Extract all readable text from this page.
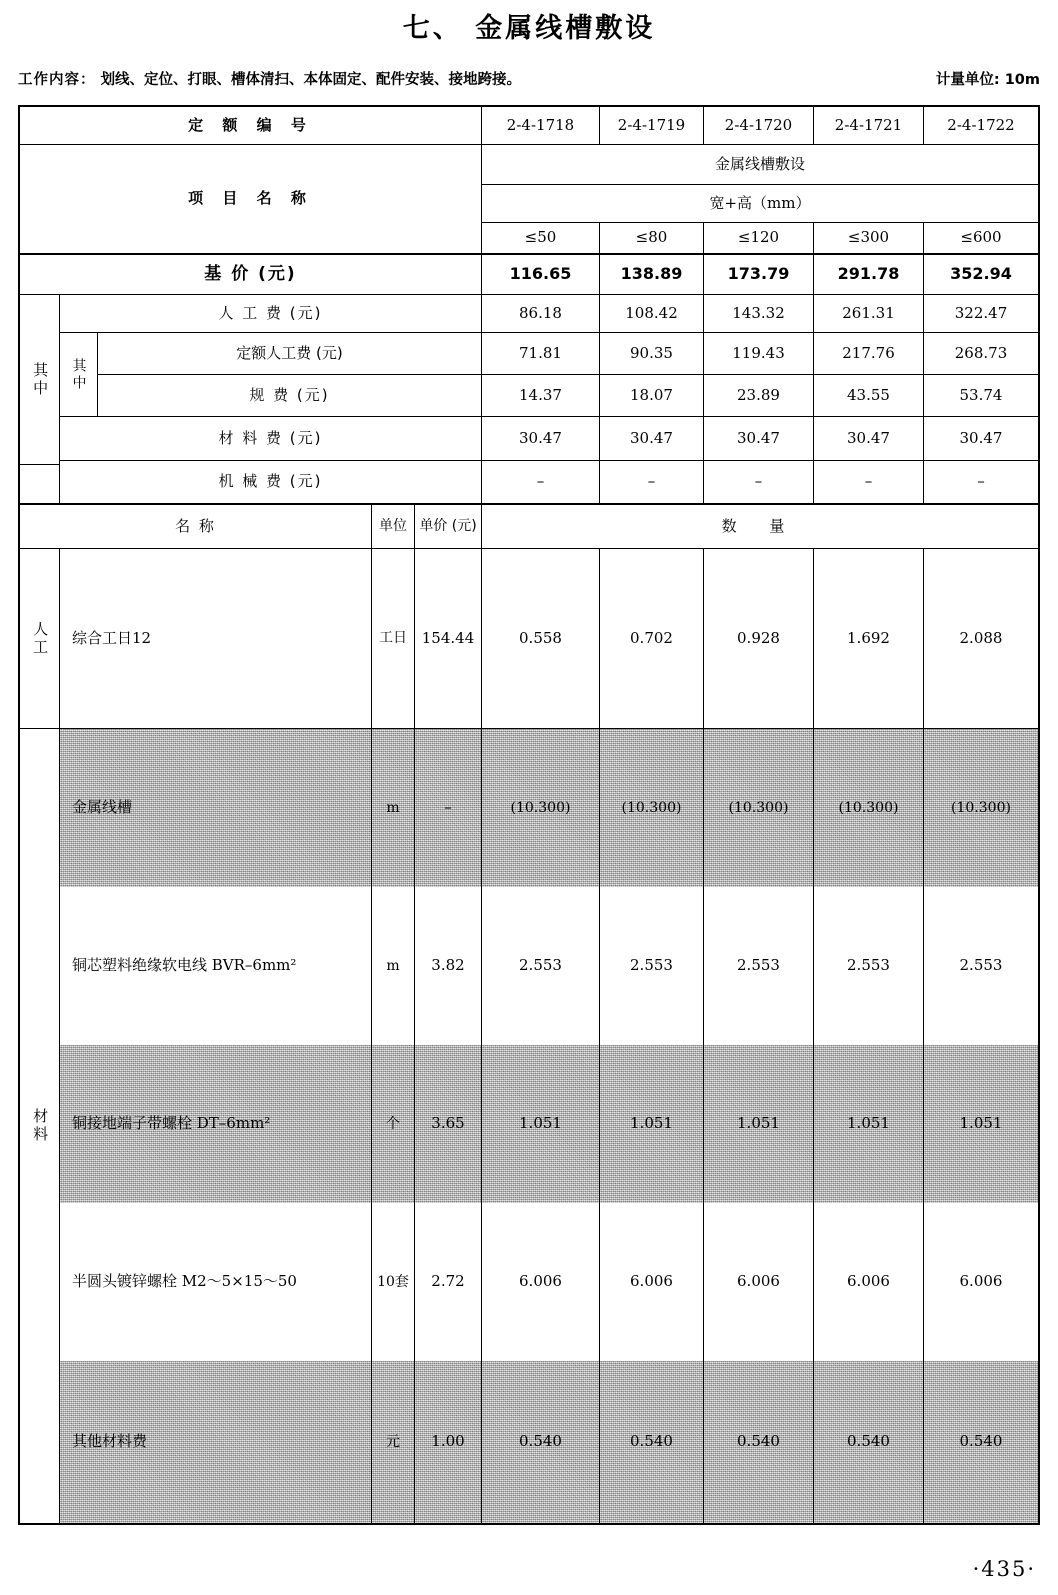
七、 金属线槽敷设
工作内容： 划线、定位、打眼、槽体清扫、本体固定、配件安装、接地跨接。	计量单位: 10m
定 额 编 号	2-4-1718	2-4-1719	2-4-1720	2-4-1721	2-4-1722
项 目 名 称
金属线槽敷设
宽+高（mm）
≤50	≤80	≤120	≤300	≤600
基 价 (元)	116.65	138.89	173.79	291.78	352.94
其中	其中
人 工 费 (元)	86.18	108.42	143.32	261.31	322.47
定额人工费 (元)	71.81	90.35	119.43	217.76	268.73
规 费 (元)	14.37	18.07	23.89	43.55	53.74
材 料 费 (元)	30.47	30.47	30.47	30.47	30.47
机 械 费 (元)	–	–	–	–	–
名 称	单位 单价 (元)	数 量
人工	综合工日12	工日 154.44	0.558	0.702	0.928	1.692	2.088
材料
金属线槽	m	–	(10.300)	(10.300)	(10.300)	(10.300)	(10.300)
铜芯塑料绝缘软电线 BVR–6mm²	m	3.82	2.553	2.553	2.553	2.553	2.553
铜接地端子带螺栓 DT–6mm²	个	3.65	1.051	1.051	1.051	1.051	1.051
半圆头镀锌螺栓 M2～5×15～50	10套	2.72	6.006	6.006	6.006	6.006	6.006
其他材料费	元	1.00	0.540	0.540	0.540	0.540	0.540
·435·
